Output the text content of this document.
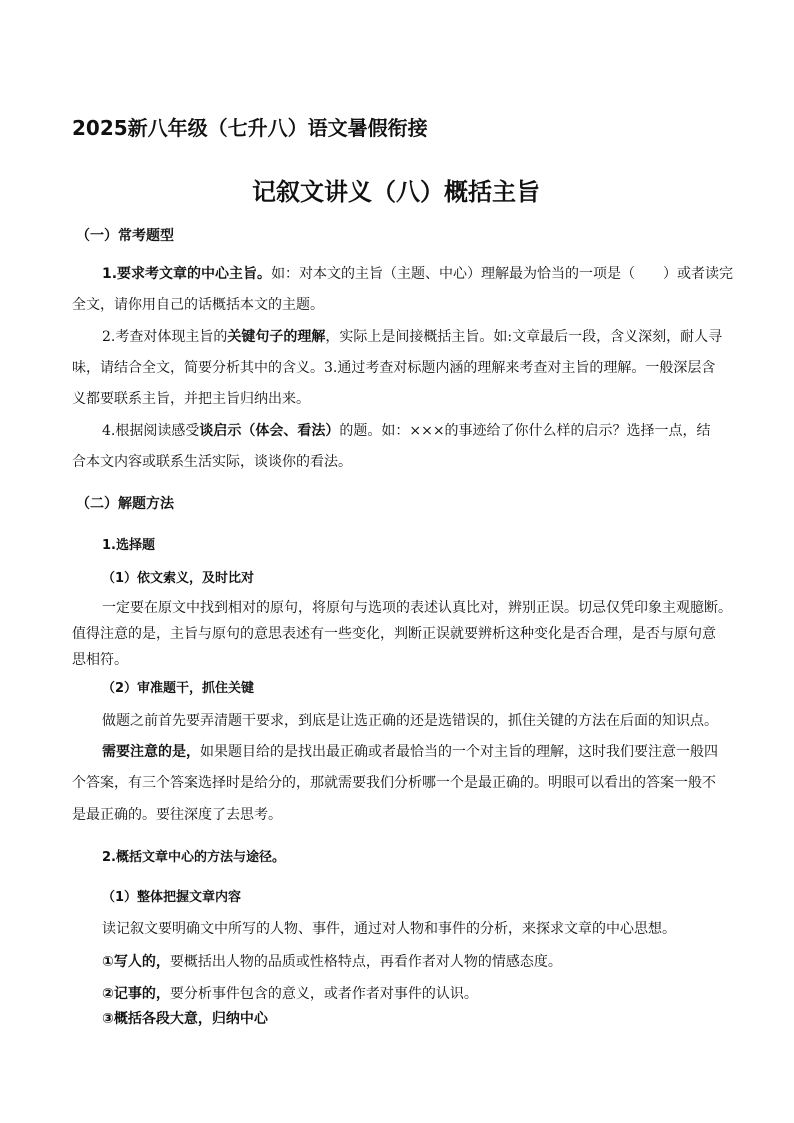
2025新八年级（七升八）语文暑假衔接
记叙文讲义（八）概括主旨
（一）常考题型
1.要求考文章的中心主旨。如：对本文的主旨（主题、中心）理解最为恰当的一项是（　　）或者读完
全文，请你用自己的话概括本文的主题。
2.考查对体现主旨的关键句子的理解，实际上是间接概括主旨。如:文章最后一段，含义深刻，耐人寻
味，请结合全文，简要分析其中的含义。3.通过考查对标题内涵的理解来考查对主旨的理解。一般深层含
义都要联系主旨，并把主旨归纳出来。
4.根据阅读感受谈启示（体会、看法）的题。如：×××的事迹给了你什么样的启示？选择一点，结
合本文内容或联系生活实际，谈谈你的看法。
（二）解题方法
1.选择题
（1）依文索义，及时比对
一定要在原文中找到相对的原句，将原句与选项的表述认真比对，辨别正误。切忌仅凭印象主观臆断。
值得注意的是，主旨与原句的意思表述有一些变化，判断正误就要辨析这种变化是否合理，是否与原句意
思相符。
（2）审准题干，抓住关键
做题之前首先要弄清题干要求，到底是让选正确的还是选错误的，抓住关键的方法在后面的知识点。
需要注意的是，如果题目给的是找出最正确或者最恰当的一个对主旨的理解，这时我们要注意一般四
个答案，有三个答案选择时是给分的，那就需要我们分析哪一个是最正确的。明眼可以看出的答案一般不
是最正确的。要往深度了去思考。
2.概括文章中心的方法与途径。
（1）整体把握文章内容
读记叙文要明确文中所写的人物、事件，通过对人物和事件的分析，来探求文章的中心思想。
①写人的，要概括出人物的品质或性格特点，再看作者对人物的情感态度。
②记事的，要分析事件包含的意义，或者作者对事件的认识。
③概括各段大意，归纳中心
